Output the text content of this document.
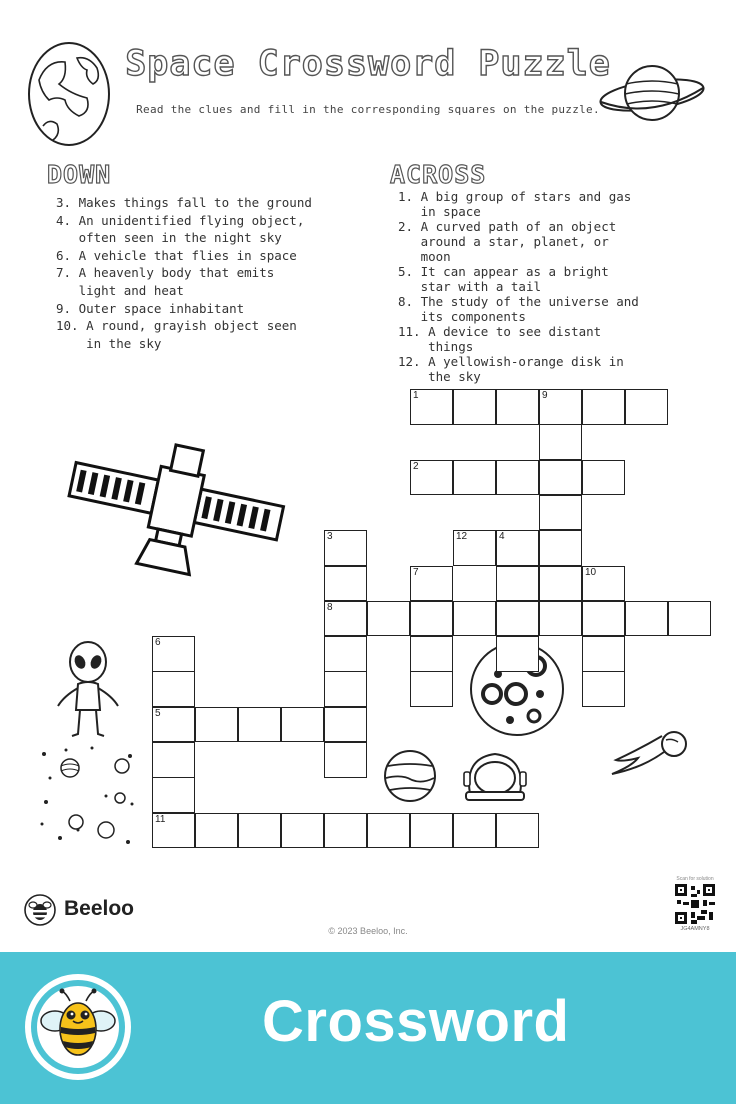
Space Crossword Puzzle
Read the clues and fill in the corresponding squares on the puzzle.
DOWN
3.
Makes things fall to the ground
4.
An unidentified flying object, often seen in the night sky
6.
A vehicle that flies in space
7.
A heavenly body that emits light and heat
9.
Outer space inhabitant
10.
A round, grayish object seen in the sky
ACROSS
1.
A big group of stars and gas in space
2.
A curved path of an object around a star, planet, or moon
5.
It can appear as a bright star with a tail
8.
The study of the universe and its components
11.
A device to see distant things
12.
A yellowish-orange disk in the sky
1	9
2
8
5
11
3	12	4
7	10
6
Beeloo
© 2023 Beeloo, Inc.
Scan for solution
JG4AMNY8
Crossword
